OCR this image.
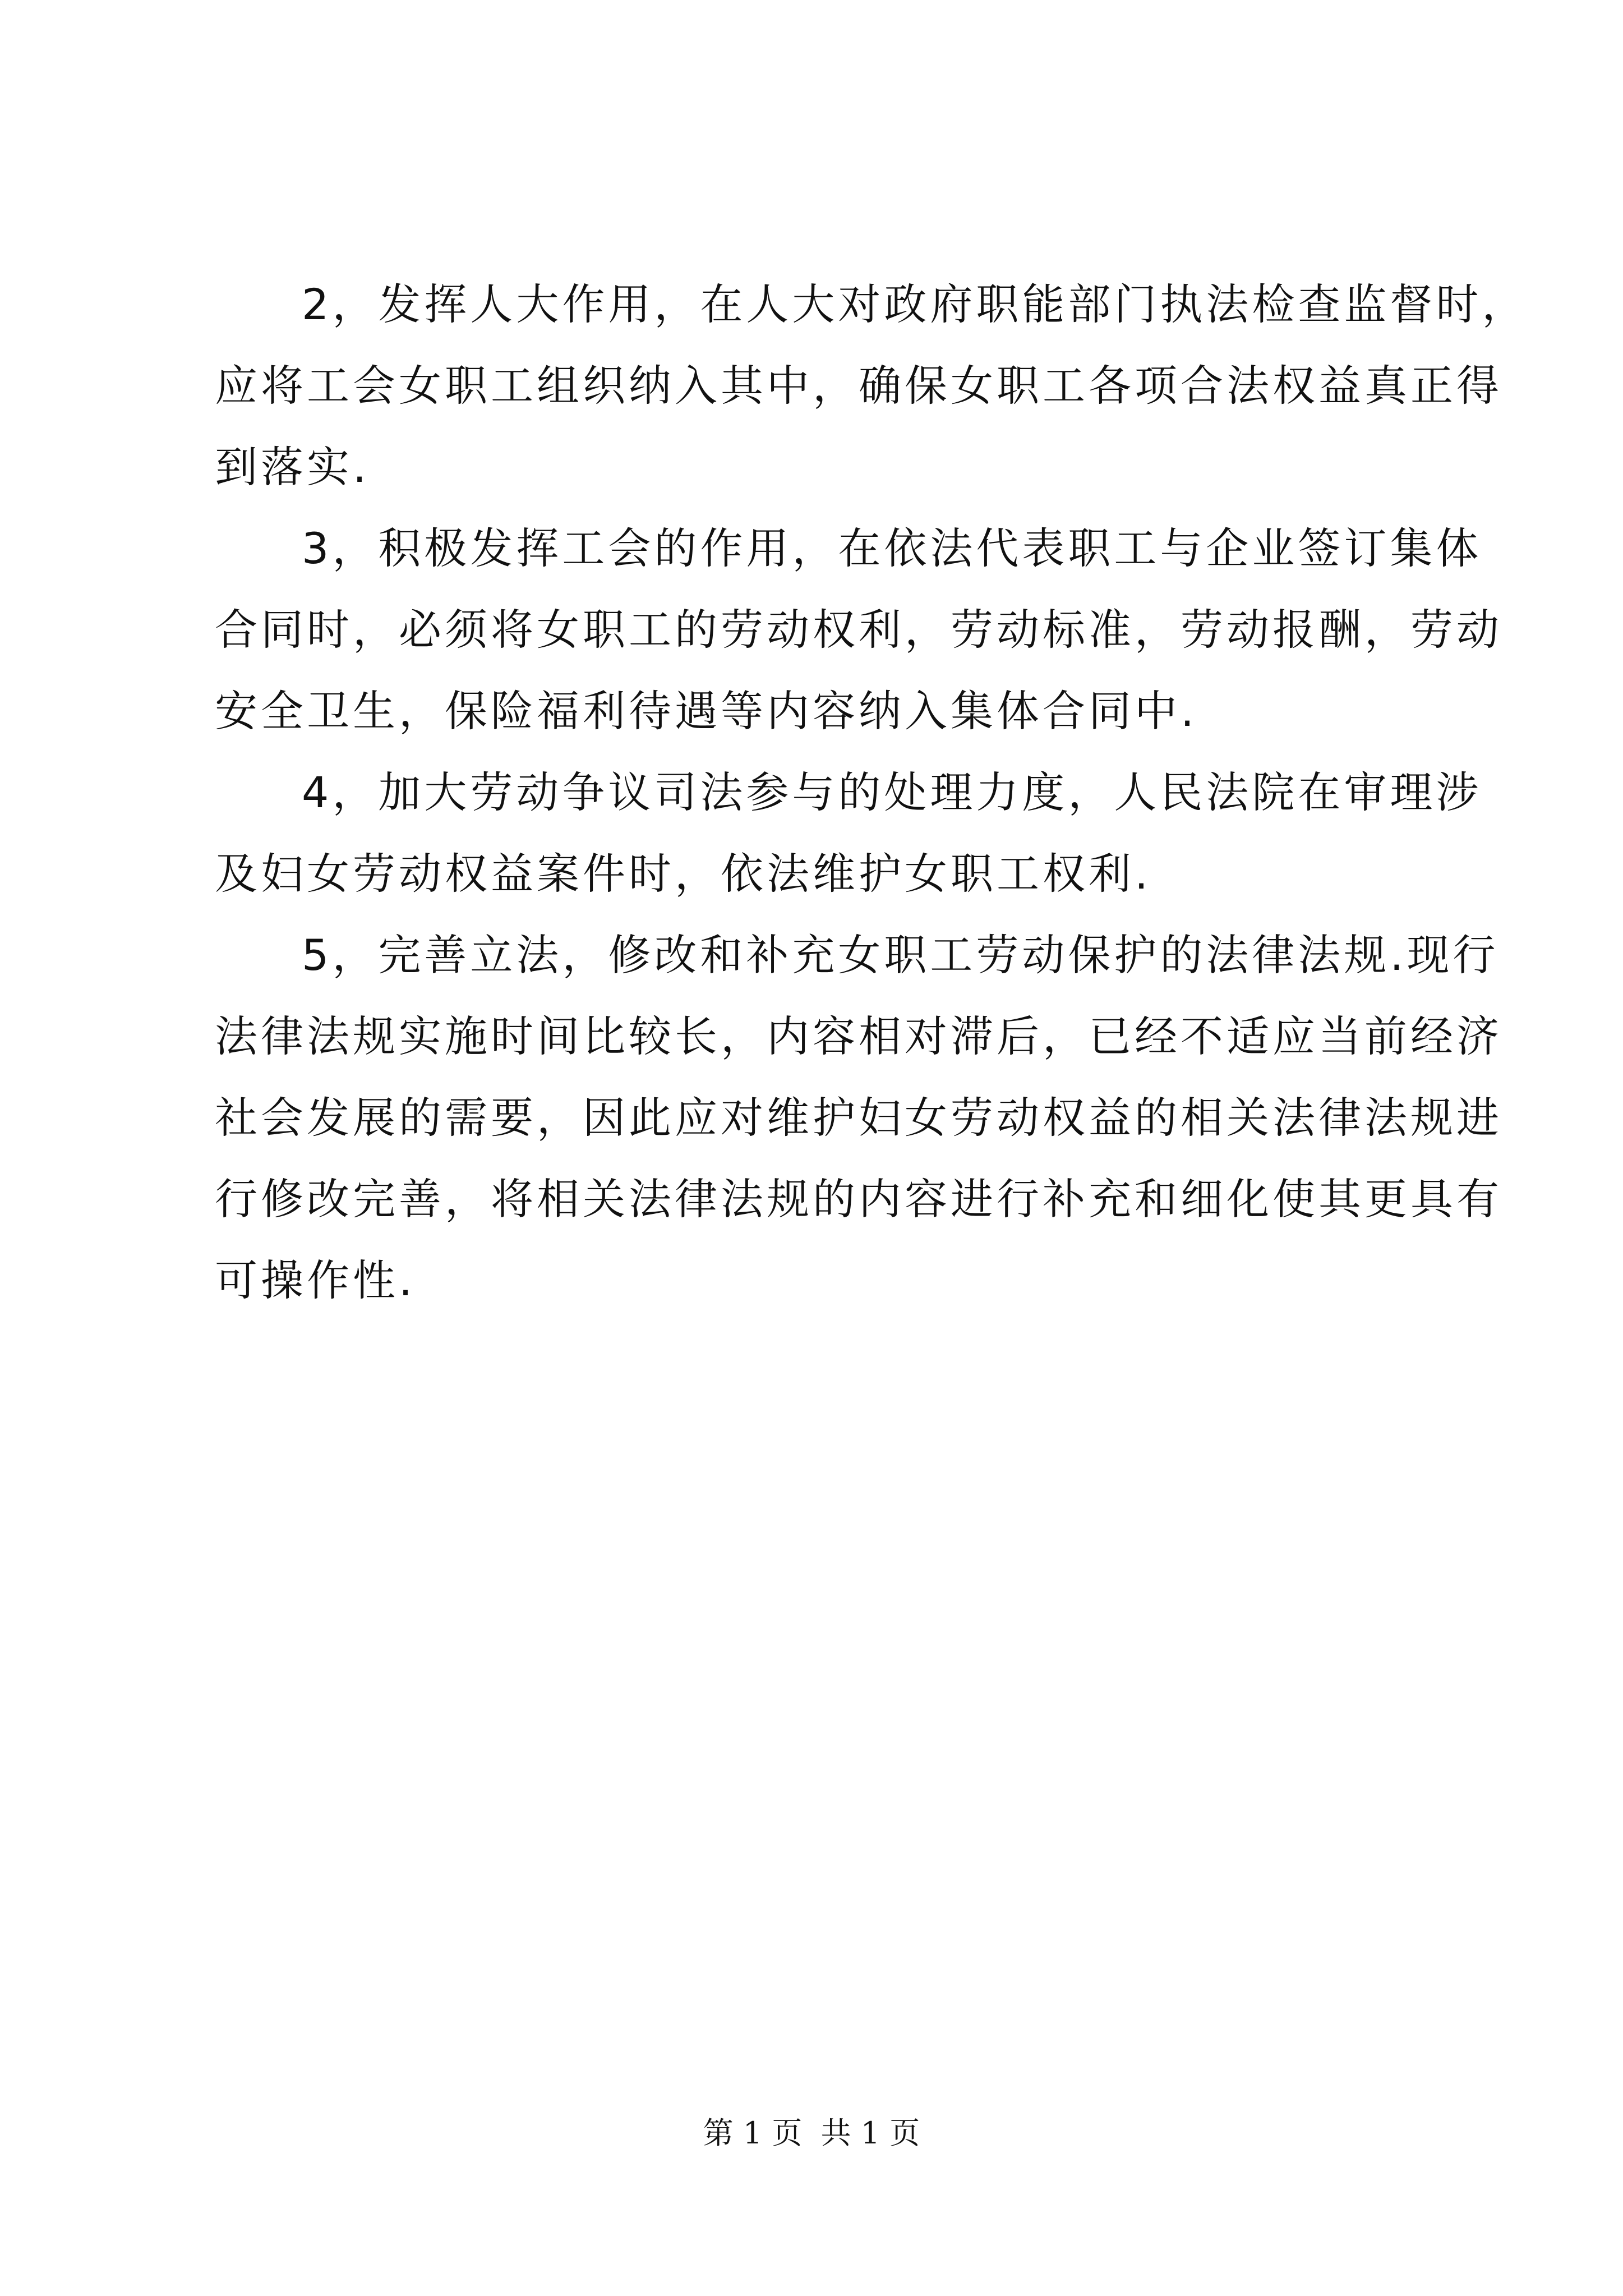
2，发挥人大作用，在人大对政府职能部门执法检查监督时，
应将工会女职工组织纳入其中，确保女职工各项合法权益真正得
到落实.

3，积极发挥工会的作用，在依法代表职工与企业签订集体
合同时，必须将女职工的劳动权利，劳动标准，劳动报酬，劳动
安全卫生，保险福利待遇等内容纳入集体合同中.

4，加大劳动争议司法参与的处理力度，人民法院在审理涉
及妇女劳动权益案件时，依法维护女职工权利.

5，完善立法，修改和补充女职工劳动保护的法律法规.现行
法律法规实施时间比较长，内容相对滞后，已经不适应当前经济
社会发展的需要，因此应对维护妇女劳动权益的相关法律法规进
行修改完善，将相关法律法规的内容进行补充和细化使其更具有
可操作性.

第 1 页 共 1 页
